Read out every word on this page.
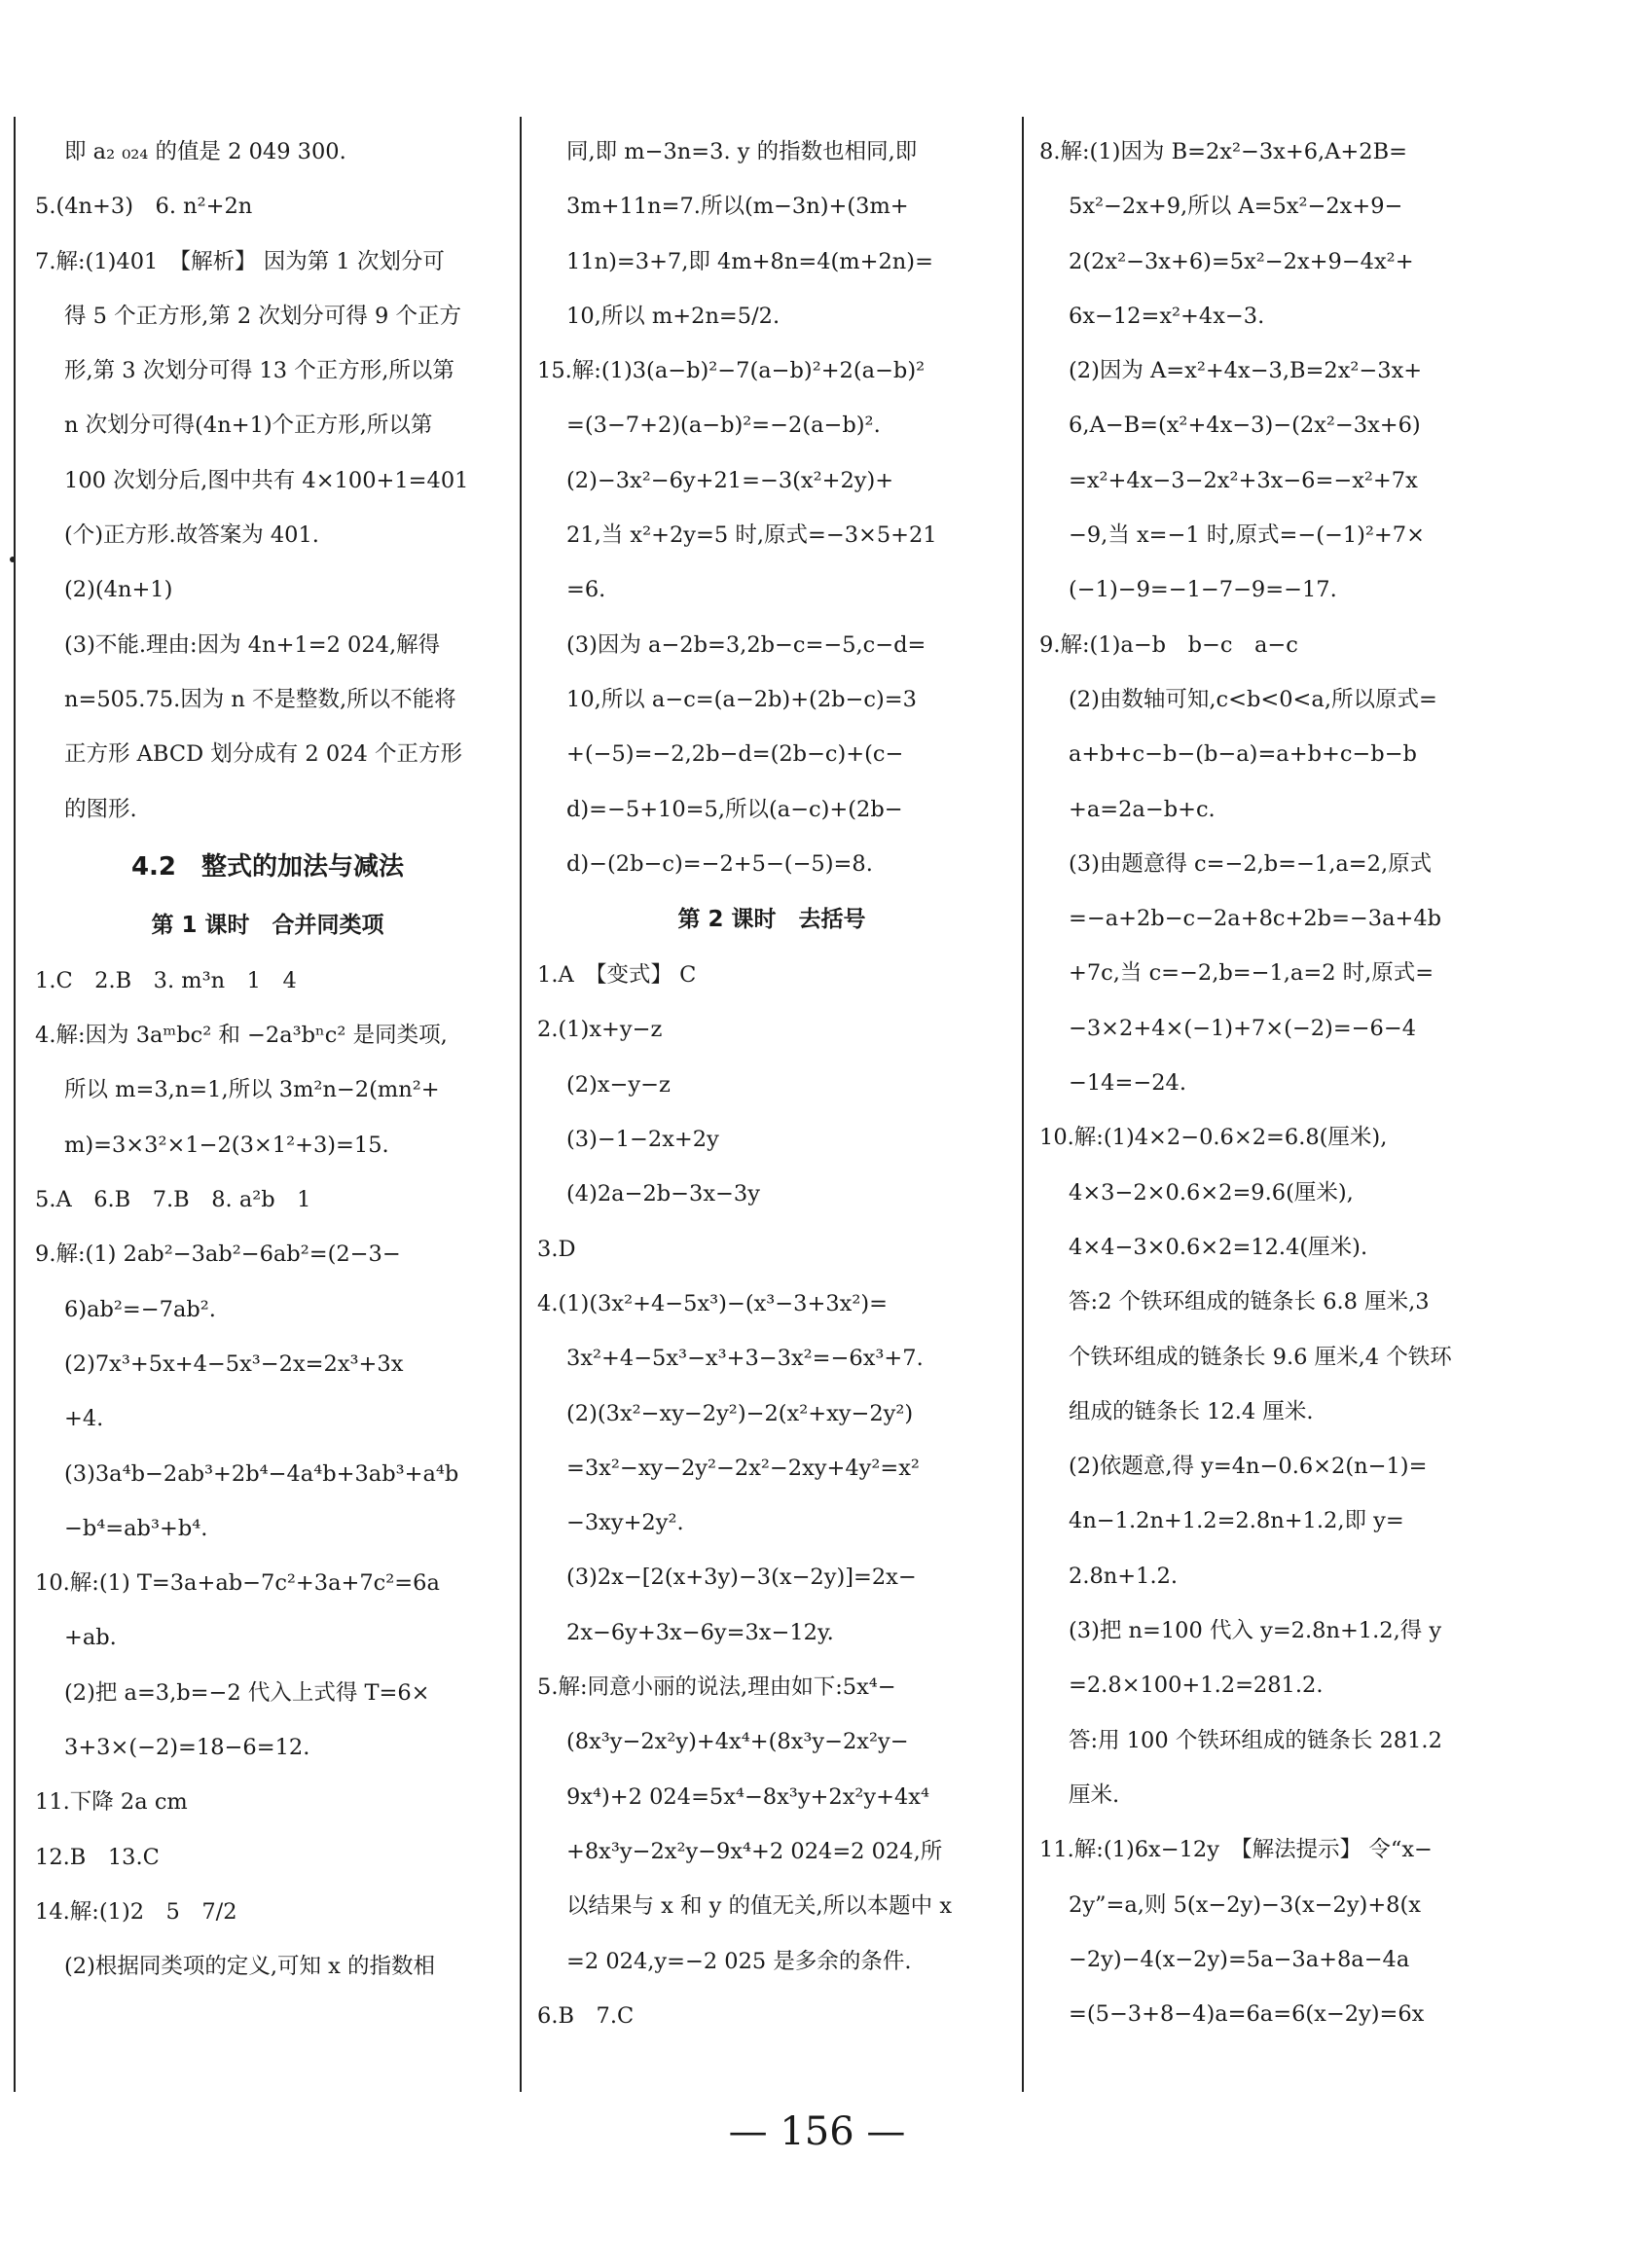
即 a₂ ₀₂₄ 的值是 2 049 300.
5.(4n+3)　6. n²+2n
7.解:(1)401　【解析】 因为第 1 次划分可
得 5 个正方形,第 2 次划分可得 9 个正方
形,第 3 次划分可得 13 个正方形,所以第
n 次划分可得(4n+1)个正方形,所以第
100 次划分后,图中共有 4×100+1=401
(个)正方形.故答案为 401.
(2)(4n+1)
(3)不能.理由:因为 4n+1=2 024,解得
n=505.75.因为 n 不是整数,所以不能将
正方形 ABCD 划分成有 2 024 个正方形
的图形.
4.2　整式的加法与减法
第 1 课时　合并同类项
1.C　2.B　3. m³n　1　4
4.解:因为 3aᵐbc² 和 −2a³bⁿc² 是同类项,
所以 m=3,n=1,所以 3m²n−2(mn²+
m)=3×3²×1−2(3×1²+3)=15.
5.A　6.B　7.B　8. a²b　1
9.解:(1) 2ab²−3ab²−6ab²=(2−3−
6)ab²=−7ab².
(2)7x³+5x+4−5x³−2x=2x³+3x
+4.
(3)3a⁴b−2ab³+2b⁴−4a⁴b+3ab³+a⁴b
−b⁴=ab³+b⁴.
10.解:(1) T=3a+ab−7c²+3a+7c²=6a
+ab.
(2)把 a=3,b=−2 代入上式得 T=6×
3+3×(−2)=18−6=12.
11.下降 2a cm
12.B　13.C
14.解:(1)2　5　7/2
(2)根据同类项的定义,可知 x 的指数相
同,即 m−3n=3. y 的指数也相同,即
3m+11n=7.所以(m−3n)+(3m+
11n)=3+7,即 4m+8n=4(m+2n)=
10,所以 m+2n=5/2.
15.解:(1)3(a−b)²−7(a−b)²+2(a−b)²
=(3−7+2)(a−b)²=−2(a−b)².
(2)−3x²−6y+21=−3(x²+2y)+
21,当 x²+2y=5 时,原式=−3×5+21
=6.
(3)因为 a−2b=3,2b−c=−5,c−d=
10,所以 a−c=(a−2b)+(2b−c)=3
+(−5)=−2,2b−d=(2b−c)+(c−
d)=−5+10=5,所以(a−c)+(2b−
d)−(2b−c)=−2+5−(−5)=8.
第 2 课时　去括号
1.A　【变式】 C
2.(1)x+y−z
(2)x−y−z
(3)−1−2x+2y
(4)2a−2b−3x−3y
3.D
4.(1)(3x²+4−5x³)−(x³−3+3x²)=
3x²+4−5x³−x³+3−3x²=−6x³+7.
(2)(3x²−xy−2y²)−2(x²+xy−2y²)
=3x²−xy−2y²−2x²−2xy+4y²=x²
−3xy+2y².
(3)2x−[2(x+3y)−3(x−2y)]=2x−
2x−6y+3x−6y=3x−12y.
5.解:同意小丽的说法,理由如下:5x⁴−
(8x³y−2x²y)+4x⁴+(8x³y−2x²y−
9x⁴)+2 024=5x⁴−8x³y+2x²y+4x⁴
+8x³y−2x²y−9x⁴+2 024=2 024,所
以结果与 x 和 y 的值无关,所以本题中 x
=2 024,y=−2 025 是多余的条件.
6.B　7.C
8.解:(1)因为 B=2x²−3x+6,A+2B=
5x²−2x+9,所以 A=5x²−2x+9−
2(2x²−3x+6)=5x²−2x+9−4x²+
6x−12=x²+4x−3.
(2)因为 A=x²+4x−3,B=2x²−3x+
6,A−B=(x²+4x−3)−(2x²−3x+6)
=x²+4x−3−2x²+3x−6=−x²+7x
−9,当 x=−1 时,原式=−(−1)²+7×
(−1)−9=−1−7−9=−17.
9.解:(1)a−b　b−c　a−c
(2)由数轴可知,c<b<0<a,所以原式=
a+b+c−b−(b−a)=a+b+c−b−b
+a=2a−b+c.
(3)由题意得 c=−2,b=−1,a=2,原式
=−a+2b−c−2a+8c+2b=−3a+4b
+7c,当 c=−2,b=−1,a=2 时,原式=
−3×2+4×(−1)+7×(−2)=−6−4
−14=−24.
10.解:(1)4×2−0.6×2=6.8(厘米),
4×3−2×0.6×2=9.6(厘米),
4×4−3×0.6×2=12.4(厘米).
答:2 个铁环组成的链条长 6.8 厘米,3
个铁环组成的链条长 9.6 厘米,4 个铁环
组成的链条长 12.4 厘米.
(2)依题意,得 y=4n−0.6×2(n−1)=
4n−1.2n+1.2=2.8n+1.2,即 y=
2.8n+1.2.
(3)把 n=100 代入 y=2.8n+1.2,得 y
=2.8×100+1.2=281.2.
答:用 100 个铁环组成的链条长 281.2
厘米.
11.解:(1)6x−12y　【解法提示】 令“x−
2y”=a,则 5(x−2y)−3(x−2y)+8(x
−2y)−4(x−2y)=5a−3a+8a−4a
=(5−3+8−4)a=6a=6(x−2y)=6x
— 156 —
